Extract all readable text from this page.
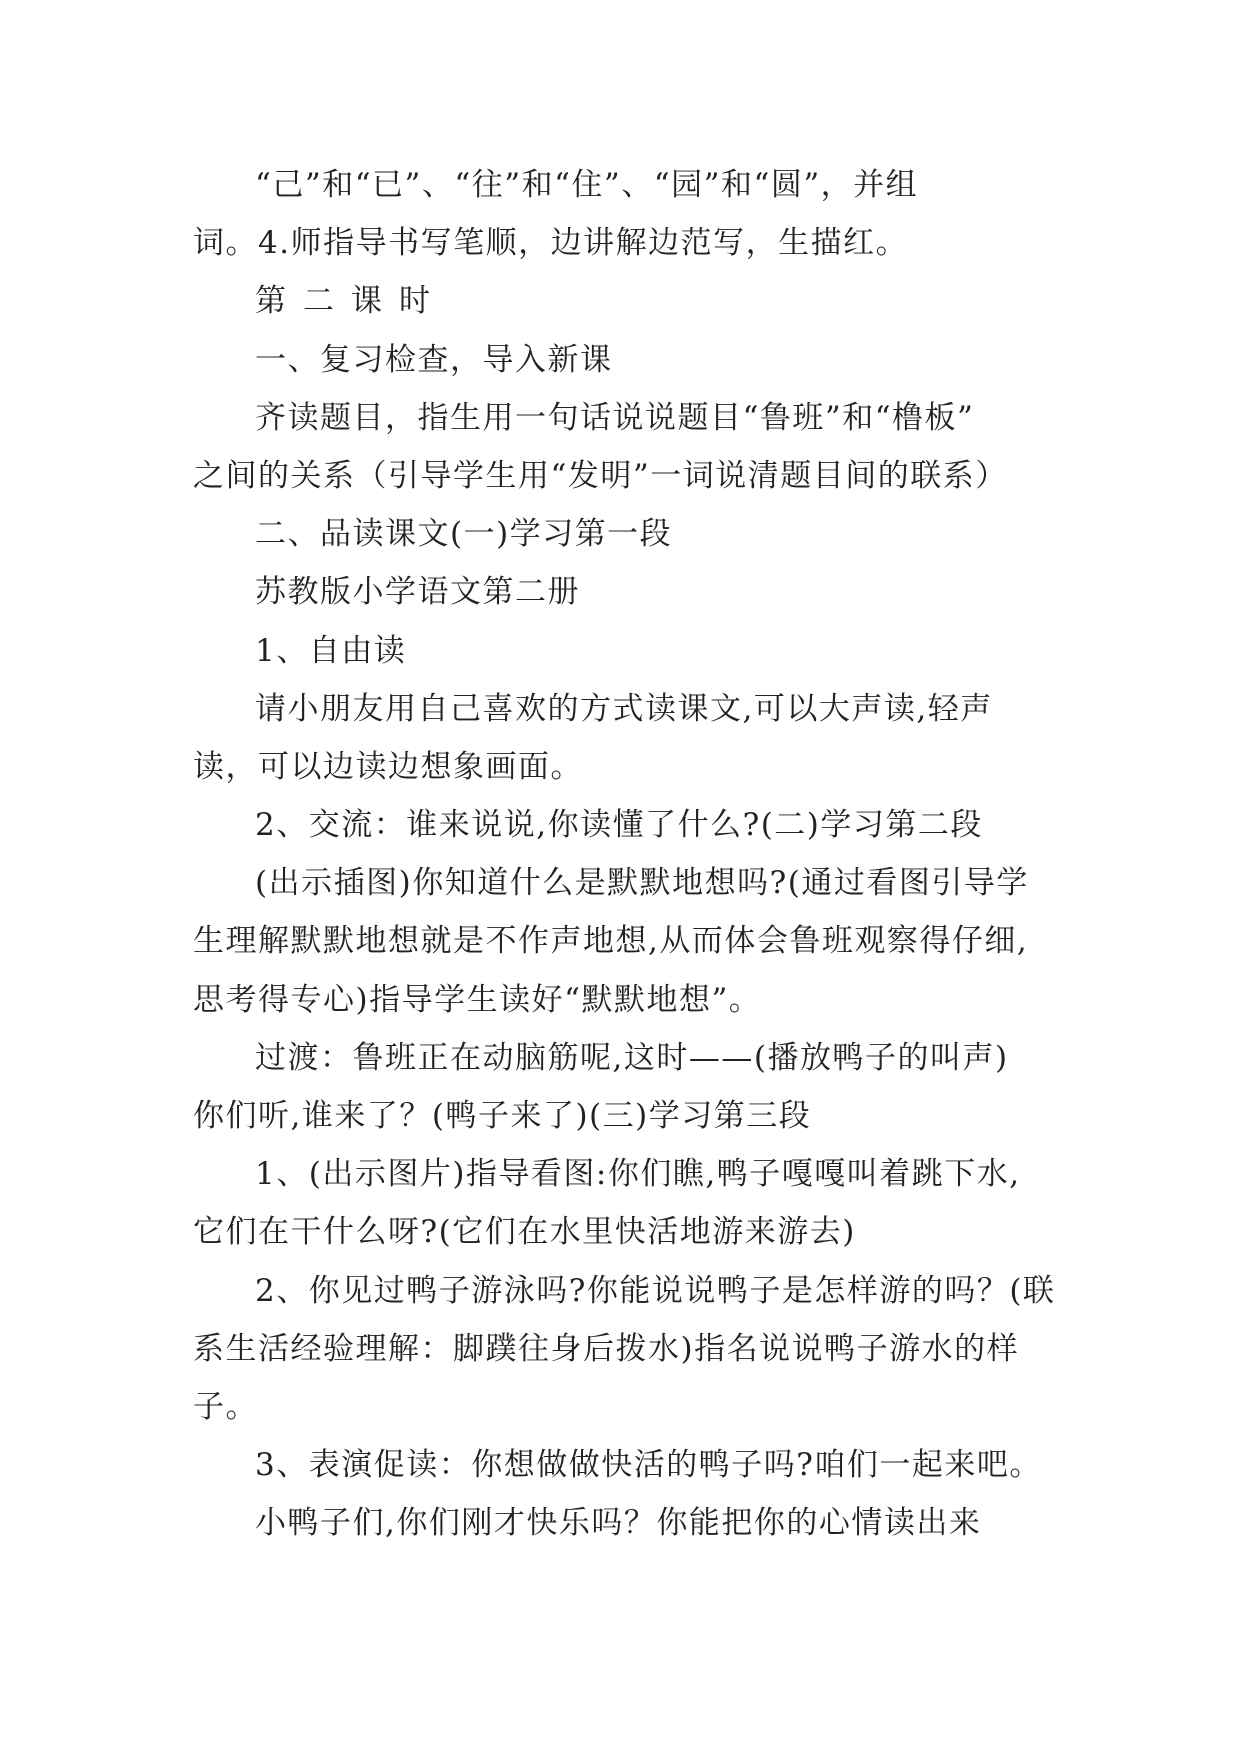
“己”和“已”、“往”和“住”、“园”和“圆”，并组
词。4.师指导书写笔顺，边讲解边范写，生描红。
第二课时
一、复习检查，导入新课
齐读题目，指生用一句话说说题目“鲁班”和“橹板”
之间的关系（引导学生用“发明”一词说清题目间的联系）
二、品读课文(一)学习第一段
苏教版小学语文第二册
1、自由读
请小朋友用自己喜欢的方式读课文,可以大声读,轻声
读，可以边读边想象画面。
2、交流：谁来说说,你读懂了什么?(二)学习第二段
(出示插图)你知道什么是默默地想吗?(通过看图引导学
生理解默默地想就是不作声地想,从而体会鲁班观察得仔细,
思考得专心)指导学生读好“默默地想”。
过渡：鲁班正在动脑筋呢,这时——(播放鸭子的叫声)
你们听,谁来了？(鸭子来了)(三)学习第三段
1、(出示图片)指导看图:你们瞧,鸭子嘎嘎叫着跳下水,
它们在干什么呀?(它们在水里快活地游来游去)
2、你见过鸭子游泳吗?你能说说鸭子是怎样游的吗？(联
系生活经验理解：脚蹼往身后拨水)指名说说鸭子游水的样
子。
3、表演促读：你想做做快活的鸭子吗?咱们一起来吧。
小鸭子们,你们刚才快乐吗？你能把你的心情读出来
